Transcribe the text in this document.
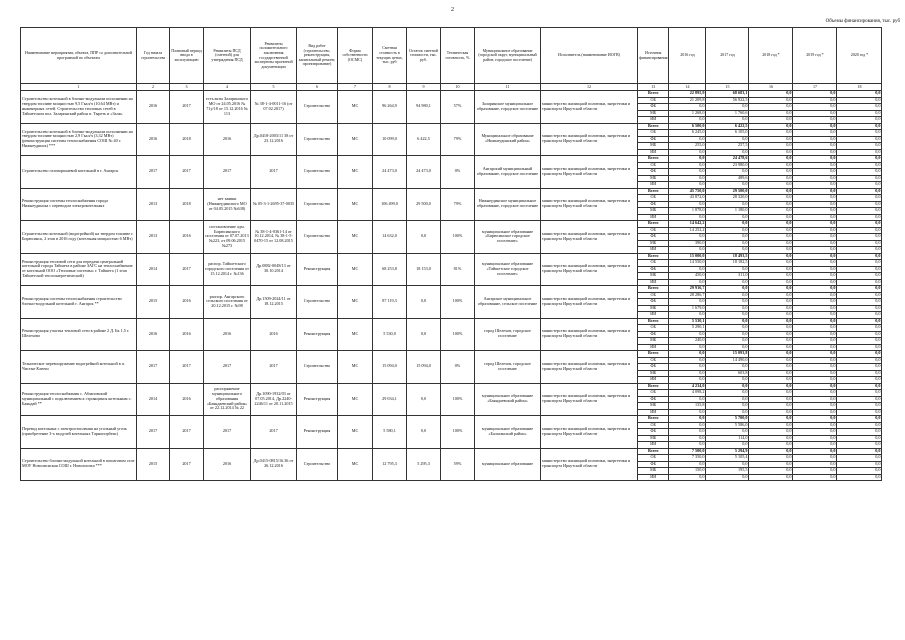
2
Объемы финансирования, тыс. руб
Наименование мероприятия, объекта, ППР со дополнительной программой по объектам	Год начала строительства	Плановый период ввода в эксплуатацию	Реквизиты ПСД (сметной) для утверждения ПСД	Реквизиты положительного заключения государственной экспертизы проектной документации	Вид работ (строительство, реконструкция, капитальный ремонт, проектирование)	Форма собственности (ОСМС)	Сметная стоимость в текущих ценах, тыс. руб	Остаток сметной стоимости, тыс. руб.	Техническая готовность, %	Муниципальное образование (городской округ, муниципальный район, городское поселение)	Исполнитель (наименование ИОГВ)	Источник финансирования	2016 год	2017 год	2018 год *	2019 год *	2020 год *
1	2	3	4	5	6	7	8	9	10	11	12	13	14	15	16	17	18
Строительство котельной в блочно-модульном исполнении на твердом топливе мощностью 9,5 Гкал/ч (10,64 МВт) и инженерных сетей. Строительство тепловых сетей в Тайшетском пол. Заларинский район п. Тыреть и «Заля»	2016	2017	есть акты Заларинского МО от 24.05.2016 № 71у/18 от 15.12.2016 № 113	№ 38-1-4-0011-16 (от 07.02.2017)	Строительство	МС	96 264,9	94 980,1	57%	Заларинское муниципальное образование, городское поселение	министерство жилищной политики, энергетики и транспорта Иркутской области	Всего	22 895,9	68 683,1	0,0	0,0	0,0
												ОБ	21 209,8	56 922,5	0,0	0,0	0,0
												ФБ	0,0	0,0	0,0	0,0	0,0
												МБ	1 268,0	1 760,6	0,0	0,0	0,0
												ИИ	0,0	0,0	0,0	0,0	0,0
Строительство котельной в блочно-модульном исполнении на твердом топливе мощностью 2,9 Гкал/ч (3,32 МВт) (реконструкция системы теплоснабжения СОШ № 40 г. Нижнеудинск) ***	2016	2018	2016	Др.0418-2003/11 38 от 23.12.2016	Строительство	МС	10 099,0	6 422,5	79%	Муниципальное образование «Нижнеудинский район»	министерство жилищной политики, энергетики и транспорта Иркутской области	Всего	6 500,0	6 422,5	0,0	0,0	0,0
												ОБ	6 245,0	6 105,0	0,0	0,0	0,0
												ФБ	0,0	0,0	0,0	0,0	0,0
												МБ	255,0	257,5	0,0	0,0	0,0
												ИИ	0,0	0,0	0,0	0,0	0,0
Строительство газопоршневой котельной в г. Ангарск	2017	2017	2017	2017	Строительство	МС	24 473,0	24 473,0	0%	Ангарский муниципальный образование, городское поселение	министерство жилищной политики, энергетики и транспорта Иркутской области	Всего	0,0	24 478,6	0,0	0,0	0,0
												ОБ	0,0	23 980,0	0,0	0,0	0,0
												ФБ	0,0	0,0	0,0	0,0	0,0
												МБ	0,0	489,6	0,0	0,0	0,0
												ИИ	0,0	0,0	0,0	0,0	0,0
Реконструкция системы теплоснабжения города Нижнеудинска с переводом электрокотельных	2013	2018	нет заявки (Нижнеудинского МО от 04.05.2015 №638)	№ 05-3-1-2695-37-0035	Строительство	МС	106 499,0	29 500,0	79%	Нижнеудинское муниципальное образование, городское поселение	министерство жилищной политики, энергетики и транспорта Иркутской области	Всего	45 750,0	29 500,0	0,0	0,0	0,0
												ОБ	43 872,0	28 320,0	0,0	0,0	0,0
												ФБ	0,0	0,0	0,0	0,0	0,0
												МБ	1 878,0	1 180,0	0,0	0,0	0,0
												ИИ	0,0	0,0	0,0	0,0	0,0
Строительство котельной (водогрейной) на твердом топливе г. Бирюсинск, 2 этап в 2016 году (котельная мощностью 6 МВт)	2013	2016	постановление адм. Бирюсинского поселения от 07.07.2013 №223, от 09.06.2015 №273	№ 38-1-4-0361-14 от 10.12.2014, № 38-1-5-0470-15 от 12.08.2015	Строительство	МС	14 632,0	0,0	100%	муниципальное образование «Бирюсинское городское поселение»	министерство жилищной политики, энергетики и транспорта Иркутской области	Всего	14 642,2	0,0	0,0	0,0	0,0
												ОБ	14 252,2	0,0	0,0	0,0	0,0
												ФБ	0,0	0,0	0,0	0,0	0,0
												МБ	390,0	0,0	0,0	0,0	0,0
												ИИ	0,0	0,0	0,0	0,0	0,0
Реконструкция тепловой сети для передачи центральной котельной города Тайшета в районе ЗАГС на теплоснабжение от котельной ООО «Тепловые системы» г. Тайшета (1 этап Тайшетской теплоэнергетической)	2014	2017	распор. Тайшетского городского поселения от 15.12.2014 г. №136	Др.0882-0048/13 от 30.10.2014	Реконструкция	МС	68 253,8	18 153,0	81%	муниципальное образование «Тайшетское городское поселение»	министерство жилищной политики, энергетики и транспорта Иркутской области	Всего	15 000,0	18 493,5	0,0	0,0	0,0
												ОБ	14 550,0	18 182,5	0,0	0,0	0,0
												ФБ	0,0	0,0	0,0	0,0	0,0
												МБ	450,0	311,0	0,0	0,0	0,0
												ИИ	0,0	0,0	0,0	0,0	0,0
Реконструкция системы теплоснабжения строительство блочно-модульной котельной г. Ангарск **	2015	2016	распор. Ангарского сельского поселения от 20.12.2015 г. №98	Др.1509-2024/11 от 18.12.2015	Строительство	МС	87 119,3	0,0	100%	Ангарское муниципальное образование, сельское поселение	министерство жилищной политики, энергетики и транспорта Иркутской области	Всего	29 916,7	0,0	0,0	0,0	0,0
												ОБ	28 286,7	0,0	0,0	0,0	0,0
												ФБ	0,0	0,0	0,0	0,0	0,0
												МБ	1 679,0	0,0	0,0	0,0	0,0
												ИИ	0,0	0,0	0,0	0,0	0,0
Реконструкция участка тепловой сети в районе 2 Д. Бк 1,5 г. Шелехово	2016	2016	2016	2016	Реконструкция	МС	5 530,0	0,0	100%	город Шелехов, городское поселение	министерство жилищной политики, энергетики и транспорта Иркутской области	Всего	5 530,1	0,0	0,0	0,0	0,0
												ОБ	5 290,1	0,0	0,0	0,0	0,0
												ФБ	0,0	0,0	0,0	0,0	0,0
												МБ	240,0	0,0	0,0	0,0	0,0
												ИИ	0,0	0,0	0,0	0,0	0,0
Техническое перевооружение водогрейной котельной в п. Чистые Ключи	2017	2017	2017	2017	Строительство	МС	15 094,0	15 094,0	0%	город Шелехов, городское поселение	министерство жилищной политики, энергетики и транспорта Иркутской области	Всего	0,0	15 093,8	0,0	0,0	0,0
												ОБ	0,0	14 490,0	0,0	0,0	0,0
												ФБ	0,0	0,0	0,0	0,0	0,0
												МБ	0,0	603,8	0,0	0,0	0,0
												ИИ	0,0	0,0	0,0	0,0	0,0
Реконструкция теплоснабжения с. Абзаповский муниципальный с подключением к строящимся котельным с. Баяндай **	2014	2016	распоряжение муниципального образования «Баяндаевский район» от 22.12.2014 № 22	Др.1090-1932/03 от 07.05.2014, Др.2240-2246/11 от 20.11.2015	Реконструкция	МС	29 034,1	0,0	100%	муниципальное образование «Баяндаевский район»	министерство жилищной политики, энергетики и транспорта Иркутской области	Всего	4 234,0	0,0	0,0	0,0	0,0
												ОБ	4 098,2	0,0	0,0	0,0	0,0
												ФБ	0,0	0,0	0,0	0,0	0,0
												МБ	135,8	0,0	0,0	0,0	0,0
												ИИ	0,0	0,0	0,0	0,0	0,0
Перевод котельных с электроотопления на угольный уголь (приобретение 3-х модулей котельных Тарнопорбенс)	2017	2017	2017	2017	Реконструкция	МС	5 580,1	0,0	100%	муниципальное образование «Балаганский район»	министерство жилищной политики, энергетики и транспорта Иркутской области	Всего	0,0	5 700,0	0,0	0,0	0,0
												ОБ	0,0	5 586,0	0,0	0,0	0,0
												ФБ	0,0	0,0	0,0	0,0	0,0
												МБ	0,0	114,0	0,0	0,0	0,0
												ИИ	0,0	0,0	0,0	0,0	0,0
Строительство блочно-модульной котельной в пошаговом селе МОУ Новолисиская СОШ г. Новолисиха ***	2015	2017	2016	Др.0415-0815/16.36 от 26.12.2016	Строительство	МС	12 795,3	5 295,3	59%	муниципальное образование	министерство жилищной политики, энергетики и транспорта Иркутской области	Всего	7 500,0	5 294,9	0,0	0,0	0,0
												ОБ	7 350,0	5 105,4	0,0	0,0	0,0
												ФБ	0,0	0,0	0,0	0,0	0,0
												МБ	150,0	195,5	0,0	0,0	0,0
												ИИ	0,0	0,0	0,0	0,0	0,0
